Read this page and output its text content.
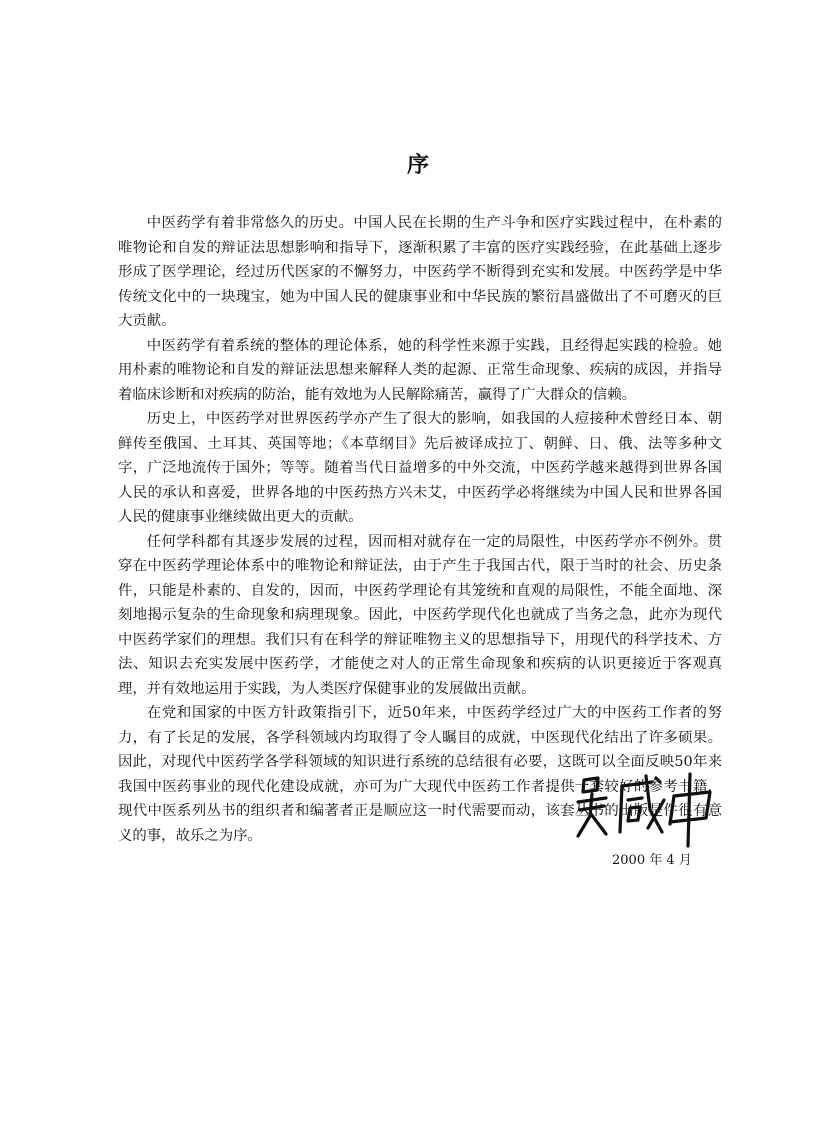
序

中医药学有着非常悠久的历史。中国人民在长期的生产斗争和医疗实践过程中，在朴素的唯物论和自发的辩证法思想影响和指导下，逐渐积累了丰富的医疗实践经验，在此基础上逐步形成了医学理论，经过历代医家的不懈努力，中医药学不断得到充实和发展。中医药学是中华传统文化中的一块瑰宝，她为中国人民的健康事业和中华民族的繁衍昌盛做出了不可磨灭的巨大贡献。

中医药学有着系统的整体的理论体系，她的科学性来源于实践，且经得起实践的检验。她用朴素的唯物论和自发的辩证法思想来解释人类的起源、正常生命现象、疾病的成因，并指导着临床诊断和对疾病的防治，能有效地为人民解除痛苦，赢得了广大群众的信赖。

历史上，中医药学对世界医药学亦产生了很大的影响，如我国的人痘接种术曾经日本、朝鲜传至俄国、土耳其、英国等地；《本草纲目》先后被译成拉丁、朝鲜、日、俄、法等多种文字，广泛地流传于国外；等等。随着当代日益增多的中外交流，中医药学越来越得到世界各国人民的承认和喜爱，世界各地的中医药热方兴未艾，中医药学必将继续为中国人民和世界各国人民的健康事业继续做出更大的贡献。

任何学科都有其逐步发展的过程，因而相对就存在一定的局限性，中医药学亦不例外。贯穿在中医药学理论体系中的唯物论和辩证法，由于产生于我国古代，限于当时的社会、历史条件，只能是朴素的、自发的，因而，中医药学理论有其笼统和直观的局限性，不能全面地、深刻地揭示复杂的生命现象和病理现象。因此，中医药学现代化也就成了当务之急，此亦为现代中医药学家们的理想。我们只有在科学的辩证唯物主义的思想指导下，用现代的科学技术、方法、知识去充实发展中医药学，才能使之对人的正常生命现象和疾病的认识更接近于客观真理，并有效地运用于实践，为人类医疗保健事业的发展做出贡献。

在党和国家的中医方针政策指引下，近50年来，中医药学经过广大的中医药工作者的努力，有了长足的发展，各学科领域内均取得了令人瞩目的成就，中医现代化结出了许多硕果。因此，对现代中医药学各学科领域的知识进行系统的总结很有必要，这既可以全面反映50年来我国中医药事业的现代化建设成就，亦可为广大现代中医药工作者提供一套较好的参考书籍，现代中医系列丛书的组织者和编著者正是顺应这一时代需要而动，该套丛书的出版是件很有意义的事，故乐之为序。

2000 年 4 月
